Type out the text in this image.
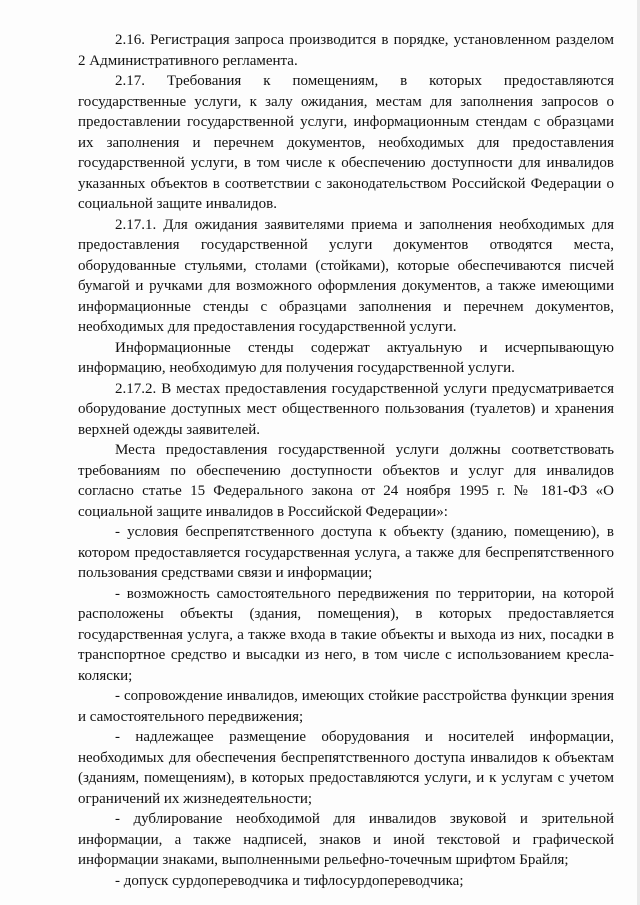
2.16. Регистрация запроса производится в порядке, установленном разделом 2 Административного регламента.

2.17. Требования к помещениям, в которых предоставляются государственные услуги, к залу ожидания, местам для заполнения запросов о предоставлении государственной услуги, информационным стендам с образцами их заполнения и перечнем документов, необходимых для предоставления государственной услуги, в том числе к обеспечению доступности для инвалидов указанных объектов в соответствии с законодательством Российской Федерации о социальной защите инвалидов.

2.17.1. Для ожидания заявителями приема и заполнения необходимых для предоставления государственной услуги документов отводятся места, оборудованные стульями, столами (стойками), которые обеспечиваются писчей бумагой и ручками для возможного оформления документов, а также имеющими информационные стенды с образцами заполнения и перечнем документов, необходимых для предоставления государственной услуги.

Информационные стенды содержат актуальную и исчерпывающую информацию, необходимую для получения государственной услуги.

2.17.2. В местах предоставления государственной услуги предусматривается оборудование доступных мест общественного пользования (туалетов) и хранения верхней одежды заявителей.

Места предоставления государственной услуги должны соответствовать требованиям по обеспечению доступности объектов и услуг для инвалидов согласно статье 15 Федерального закона от 24 ноября 1995 г. № 181-ФЗ «О социальной защите инвалидов в Российской Федерации»:

- условия беспрепятственного доступа к объекту (зданию, помещению), в котором предоставляется государственная услуга, а также для беспрепятственного пользования средствами связи и информации;

- возможность самостоятельного передвижения по территории, на которой расположены объекты (здания, помещения), в которых предоставляется государственная услуга, а также входа в такие объекты и выхода из них, посадки в транспортное средство и высадки из него, в том числе с использованием кресла-коляски;

- сопровождение инвалидов, имеющих стойкие расстройства функции зрения и самостоятельного передвижения;

- надлежащее размещение оборудования и носителей информации, необходимых для обеспечения беспрепятственного доступа инвалидов к объектам (зданиям, помещениям), в которых предоставляются услуги, и к услугам с учетом ограничений их жизнедеятельности;

- дублирование необходимой для инвалидов звуковой и зрительной информации, а также надписей, знаков и иной текстовой и графической информации знаками, выполненными рельефно-точечным шрифтом Брайля;

- допуск сурдопереводчика и тифлосурдопереводчика;
